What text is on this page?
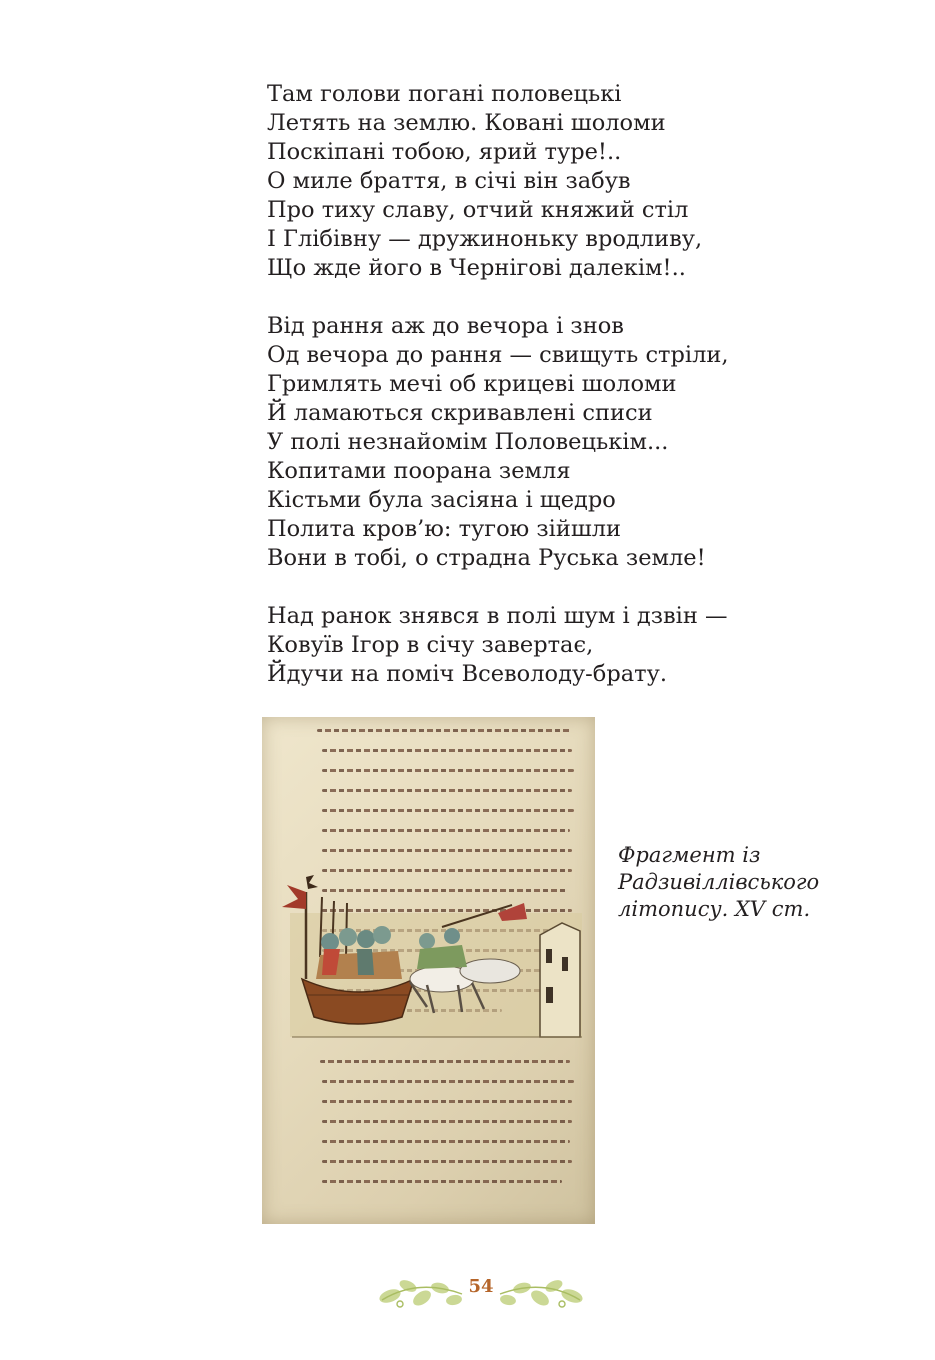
Там голови погані половецькі
Летять на землю. Ковані шоломи
Поскіпані тобою, ярий туре!..
О миле браття, в січі він забув
Про тиху славу, отчий княжий стіл
І Глібівну — дружиноньку вродливу,
Що жде його в Чернігові далекім!..
Від рання аж до вечора і знов
Од вечора до рання — свищуть стріли,
Гримлять мечі об крицеві шоломи
Й ламаються скривавлені списи
У полі незнайомім Половецькім...
Копитами поорана земля
Кістьми була засіяна і щедро
Полита кров’ю: тугою зійшли
Вони в тобі, о страдна Руська земле!
Над ранок знявся в полі шум і дзвін —
Ковуїв Ігор в січу завертає,
Йдучи на поміч Всеволоду-брату.
Фрагмент із
Радзивіллівського
літопису. XV ст.
54
